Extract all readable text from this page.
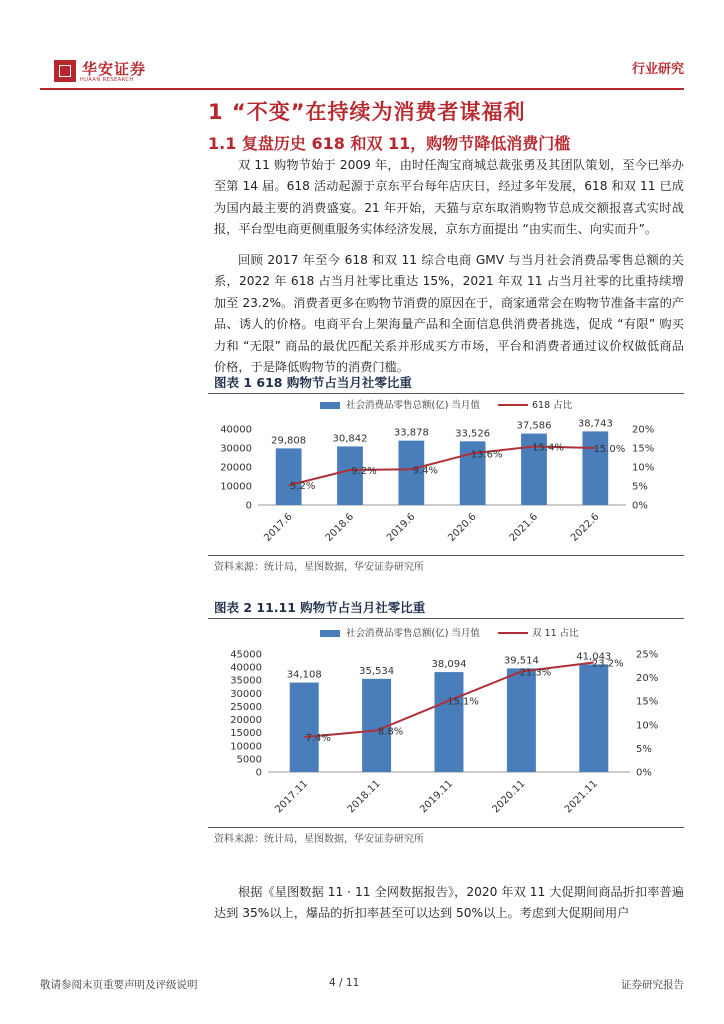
华安证券
HUAAN RESEARCH
行业研究
1 “不变”在持续为消费者谋福利
1.1 复盘历史 618 和双 11，购物节降低消费门槛

双 11 购物节始于 2009 年，由时任淘宝商城总裁张勇及其团队策划，至今已举办至第 14 届。618 活动起源于京东平台每年店庆日，经过多年发展，618 和双 11 已成为国内最主要的消费盛宴。21 年开始，天猫与京东取消购物节总成交额报喜式实时战报，平台型电商更侧重服务实体经济发展，京东方面提出 “由实而生、向实而升”。

回顾 2017 年至今 618 和双 11 综合电商 GMV 与当月社会消费品零售总额的关系，2022 年 618 占当月社零比重达 15%，2021 年双 11 占当月社零的比重持续增加至 23.2%。消费者更多在购物节消费的原因在于，商家通常会在购物节准备丰富的产品、诱人的价格。电商平台上架海量产品和全面信息供消费者挑选，促成 “有限” 购买力和 “无限” 商品的最优匹配关系并形成买方市场，平台和消费者通过议价权做低商品价格，于是降低购物节的消费门槛。

图表 1 618 购物节占当月社零比重
社会消费品零售总额(亿) 当月值	618 占比
0
10000
20000
30000
40000
0%
5%
10%
15%
20%
29,808
2017.6
30,842
2018.6
33,878
2019.6
33,526
2020.6
37,586
2021.6
38,743
2022.6
5.2%
9.2%	9.4%
13.6%
15.4%	15.0%
资料来源：统计局，星图数据，华安证券研究所
图表 2 11.11 购物节占当月社零比重
社会消费品零售总额(亿) 当月值	双 11 占比
0
5000
10000
15000
20000
25000
30000
35000
40000
45000
0%
5%
10%
15%
20%
25%
34,108
2017.11
35,534
2018.11
38,094
2019.11
39,514
2020.11
41,043
2021.11
7.4%
8.8%
15.1%
21.3%
23.2%
资料来源：统计局，星图数据，华安证券研究所

根据《星图数据 11 · 11 全网数据报告》，2020 年双 11 大促期间商品折扣率普遍达到 35%以上，爆品的折扣率甚至可以达到 50%以上。考虑到大促期间用户

敬请参阅末页重要声明及评级说明	4 / 11	证券研究报告
